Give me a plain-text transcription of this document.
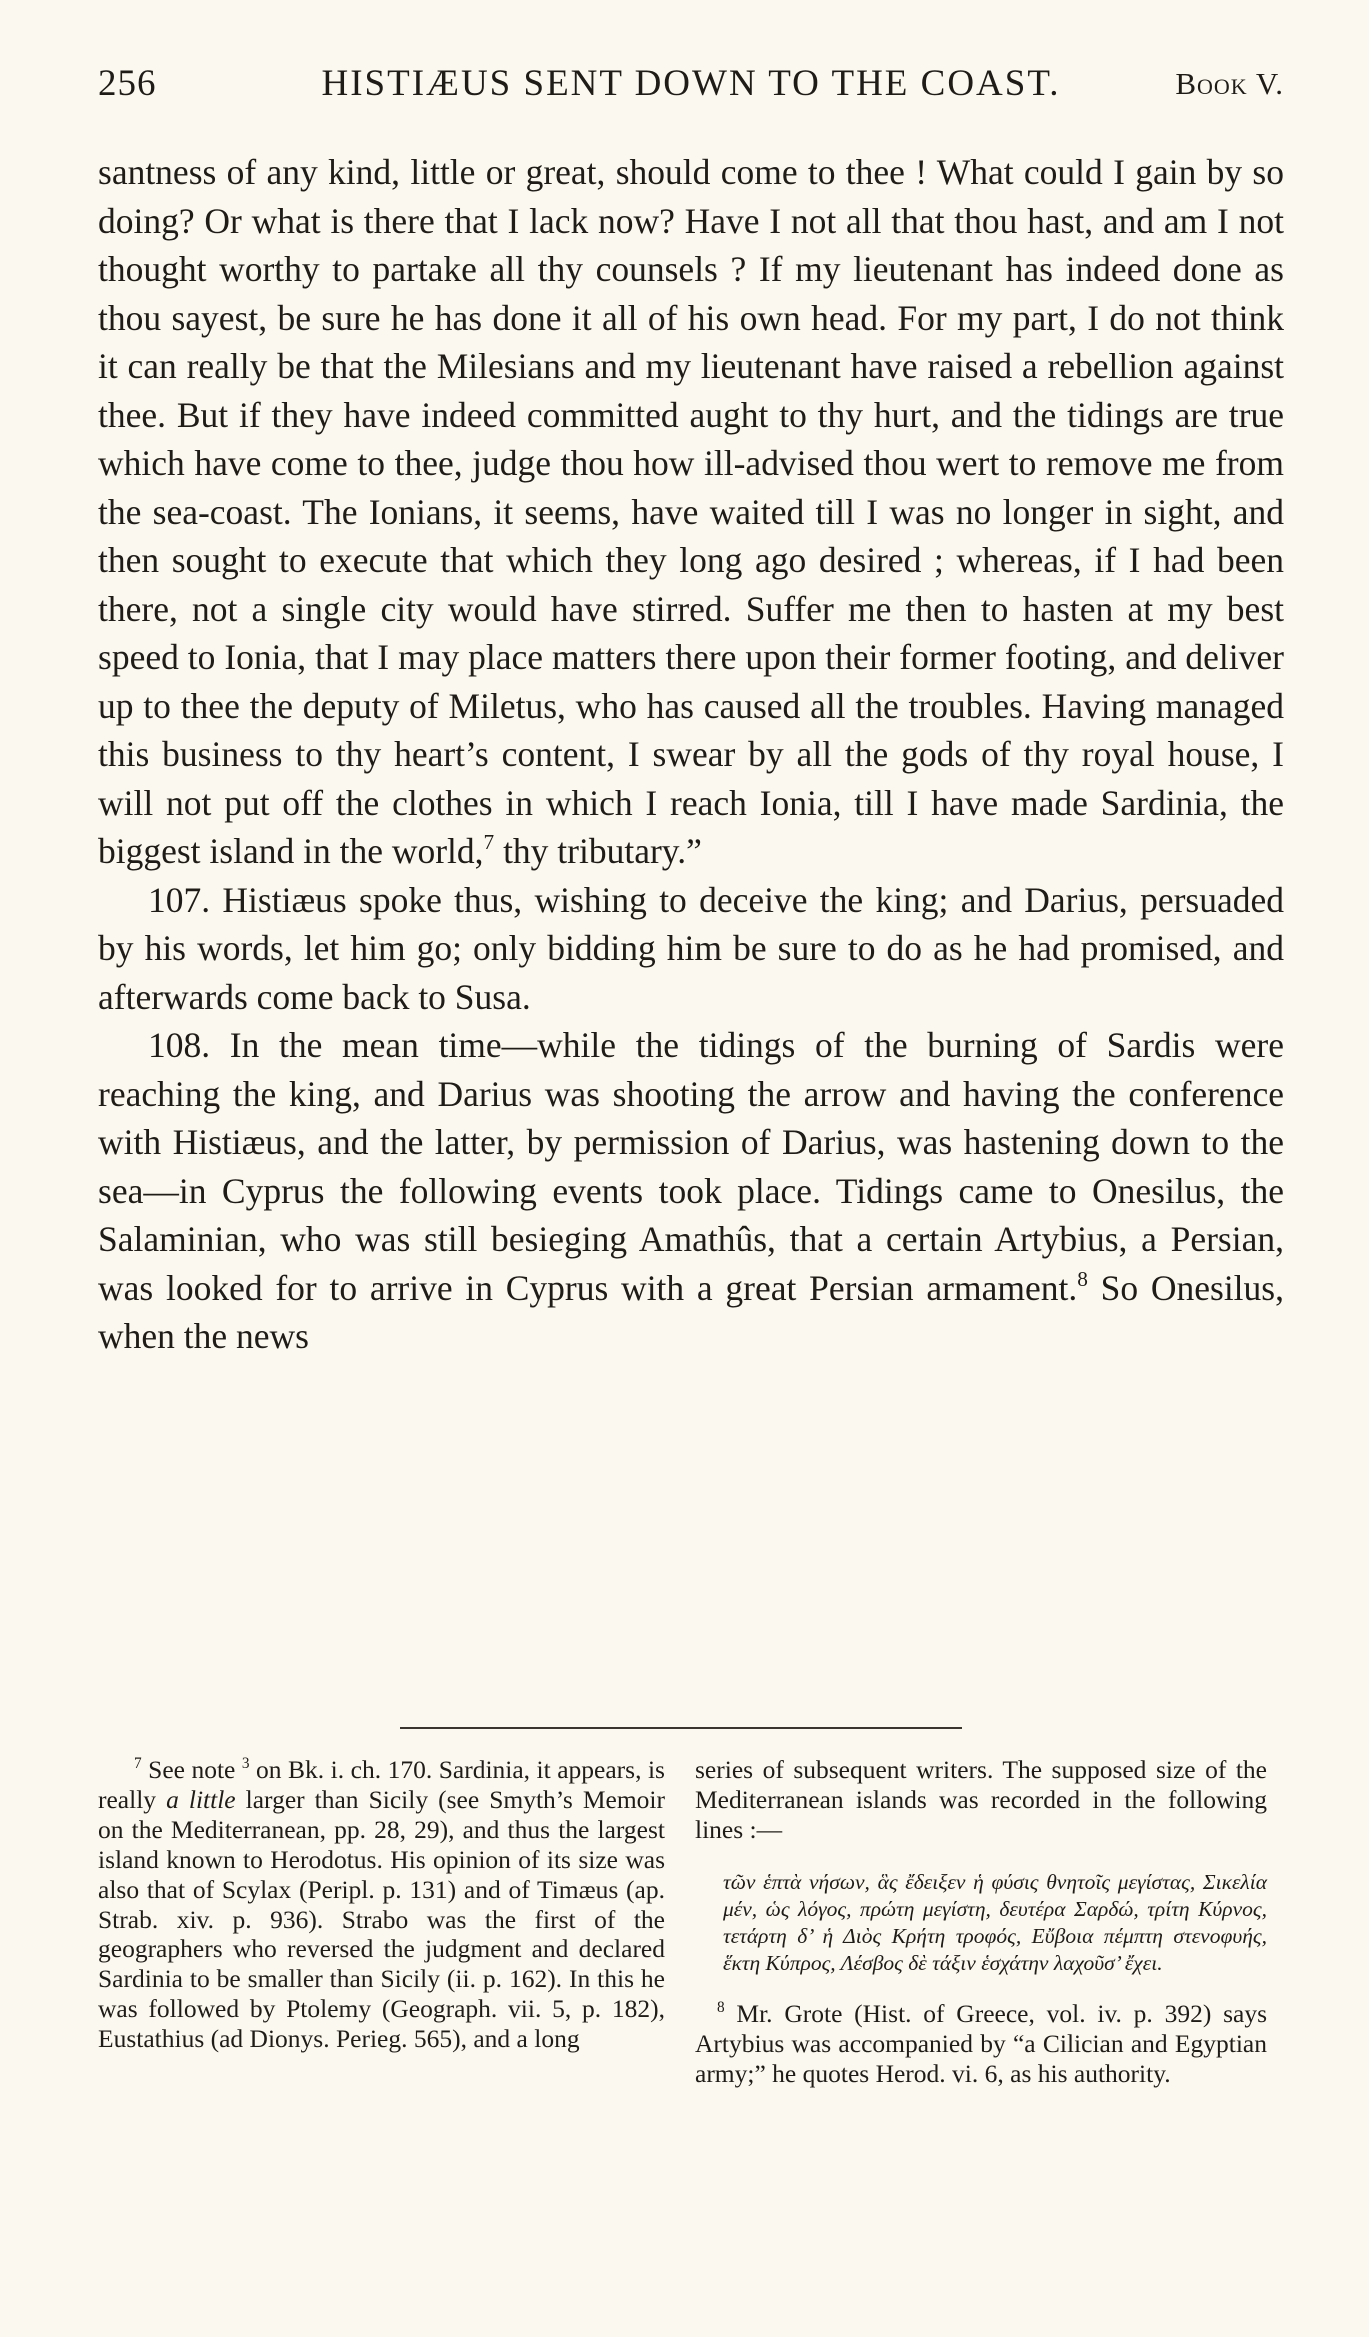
256	HISTIÆUS SENT DOWN TO THE COAST.	Book V.

santness of any kind, little or great, should come to thee ! What could I gain by so doing? Or what is there that I lack now? Have I not all that thou hast, and am I not thought worthy to partake all thy counsels ? If my lieutenant has indeed done as thou sayest, be sure he has done it all of his own head. For my part, I do not think it can really be that the Milesians and my lieutenant have raised a rebellion against thee. But if they have indeed committed aught to thy hurt, and the tidings are true which have come to thee, judge thou how ill-advised thou wert to remove me from the sea-coast. The Ionians, it seems, have waited till I was no longer in sight, and then sought to execute that which they long ago desired ; whereas, if I had been there, not a single city would have stirred. Suffer me then to hasten at my best speed to Ionia, that I may place matters there upon their former footing, and deliver up to thee the deputy of Miletus, who has caused all the troubles. Having managed this business to thy heart’s content, I swear by all the gods of thy royal house, I will not put off the clothes in which I reach Ionia, till I have made Sardinia, the biggest island in the world,$^7$ thy tributary.”

107. Histiæus spoke thus, wishing to deceive the king; and Darius, persuaded by his words, let him go; only bidding him be sure to do as he had promised, and afterwards come back to Susa.

108. In the mean time—while the tidings of the burning of Sardis were reaching the king, and Darius was shooting the arrow and having the conference with Histiæus, and the latter, by permission of Darius, was hastening down to the sea—in Cyprus the following events took place. Tidings came to Onesilus, the Salaminian, who was still besieging Amathûs, that a certain Artybius, a Persian, was looked for to arrive in Cyprus with a great Persian armament.$^8$ So Onesilus, when the news

$^7$ See note $^3$ on Bk. i. ch. 170. Sardinia, it appears, is really a little larger than Sicily (see Smyth’s Memoir on the Mediterranean, pp. 28, 29), and thus the largest island known to Herodotus. His opinion of its size was also that of Scylax (Peripl. p. 131) and of Timæus (ap. Strab. xiv. p. 936). Strabo was the first of the geographers who reversed the judgment and declared Sardinia to be smaller than Sicily (ii. p. 162). In this he was followed by Ptolemy (Geograph. vii. 5, p. 182), Eustathius (ad Dionys. Perieg. 565), and a long

series of subsequent writers. The supposed size of the Mediterranean islands was recorded in the following lines :—

τῶν ἑπτὰ νήσων, ἃς ἔδειξεν ἡ φύσις θνητοῖς μεγίστας, Σικελία μέν, ὡς λόγος, πρώτη μεγίστη, δευτέρα Σαρδώ, τρίτη Κύρνος, τετάρτη δ’ ἡ Διὸς Κρήτη τροφός, Εὔβοια πέμπτη στενοφυής, ἕκτη Κύπρος, Λέσβος δὲ τάξιν ἑσχάτην λαχοῦσ’ ἔχει.

$^8$ Mr. Grote (Hist. of Greece, vol. iv. p. 392) says Artybius was accompanied by “a Cilician and Egyptian army;” he quotes Herod. vi. 6, as his authority.
